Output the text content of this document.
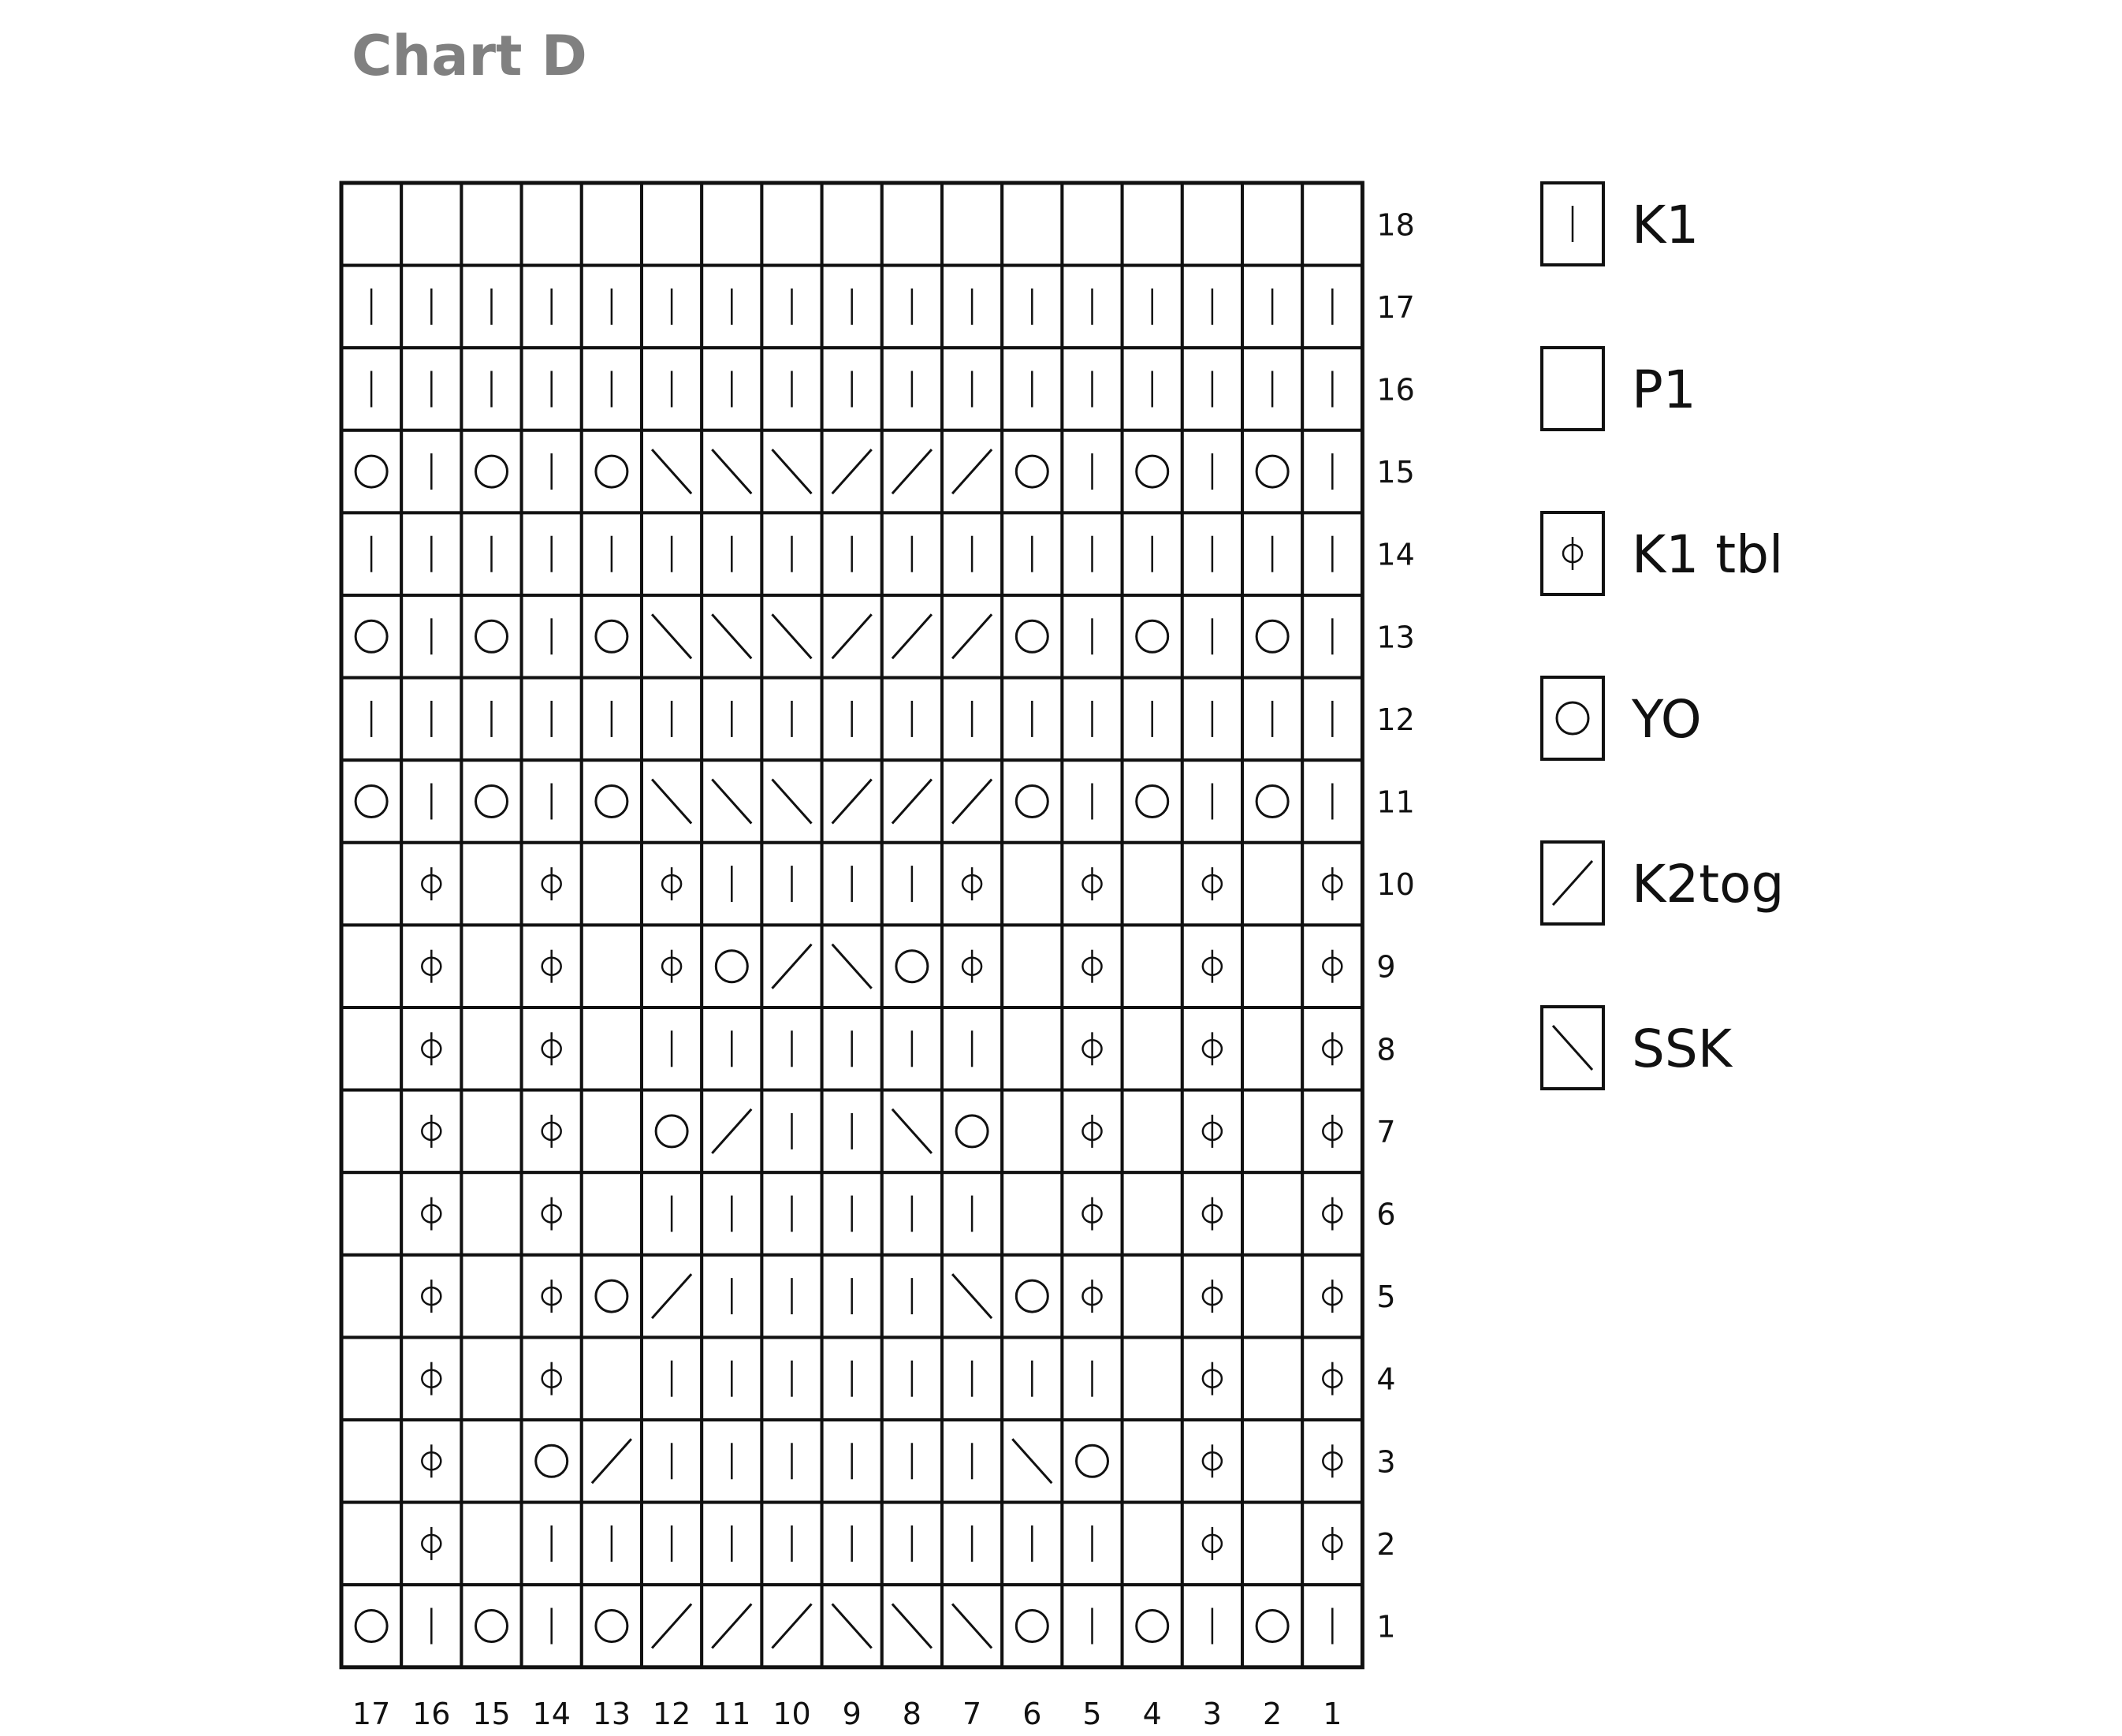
Chart D
18
17
16
15
14
13
12
11
10
9
8
7
6
5
4
3
2
1
17 16 15 14 13 12 11 10 9 8 7 6 5 4 3 2 1
K1
P1
K1 tbl
YO
K2tog
SSK
